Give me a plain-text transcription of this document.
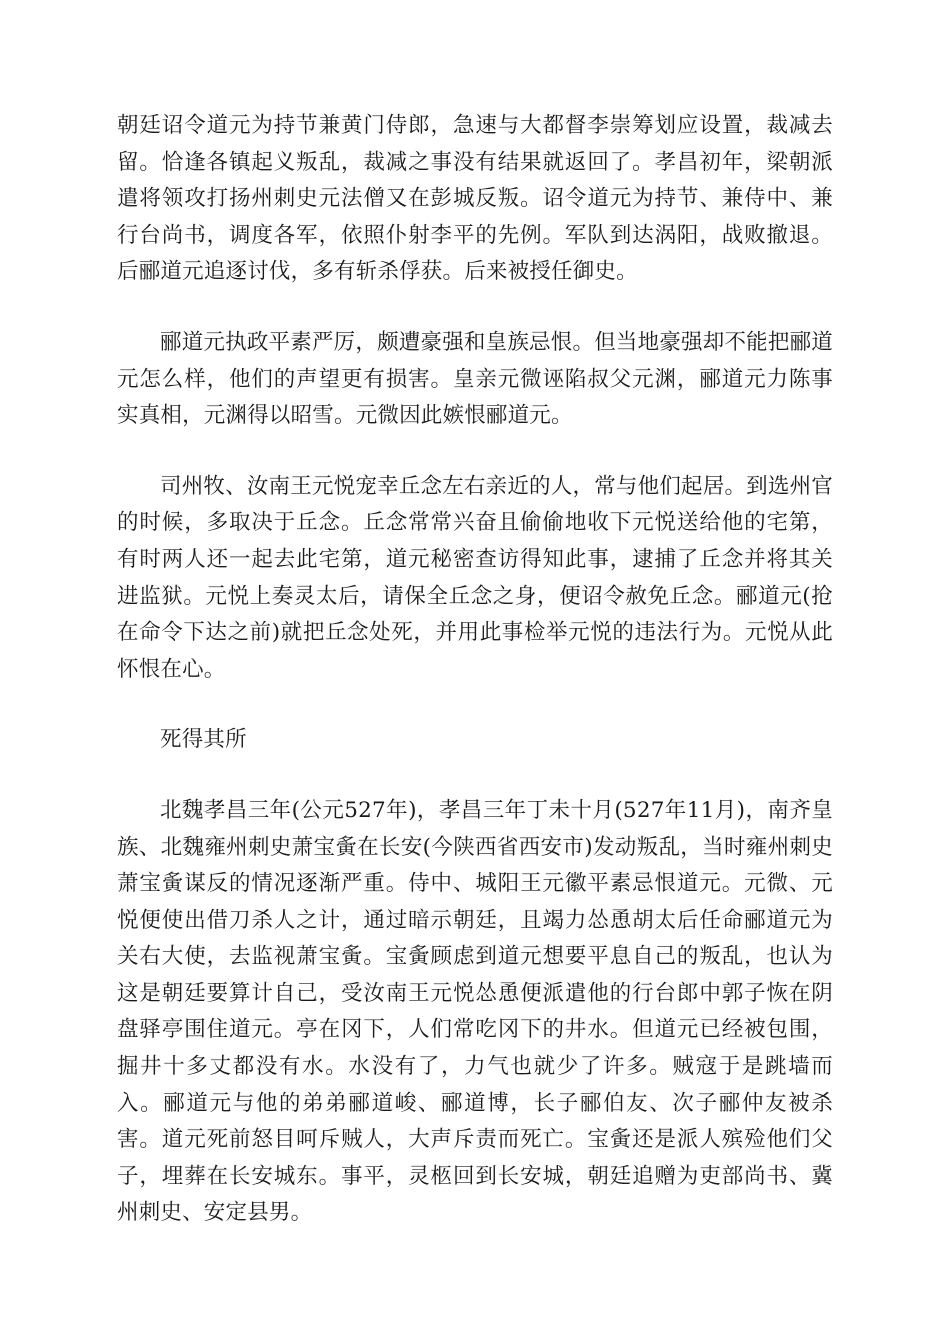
朝廷诏令道元为持节兼黄门侍郎，急速与大都督李崇筹划应设置，裁减去留。恰逢各镇起义叛乱，裁减之事没有结果就返回了。孝昌初年，梁朝派遣将领攻打扬州刺史元法僧又在彭城反叛。诏令道元为持节、兼侍中、兼行台尚书，调度各军，依照仆射李平的先例。军队到达涡阳，战败撤退。后郦道元追逐讨伐，多有斩杀俘获。后来被授任御史。

郦道元执政平素严厉，颇遭豪强和皇族忌恨。但当地豪强却不能把郦道元怎么样，他们的声望更有损害。皇亲元微诬陷叔父元渊，郦道元力陈事实真相，元渊得以昭雪。元微因此嫉恨郦道元。

司州牧、汝南王元悦宠幸丘念左右亲近的人，常与他们起居。到选州官的时候，多取决于丘念。丘念常常兴奋且偷偷地收下元悦送给他的宅第，有时两人还一起去此宅第，道元秘密查访得知此事，逮捕了丘念并将其关进监狱。元悦上奏灵太后，请保全丘念之身，便诏令赦免丘念。郦道元(抢在命令下达之前)就把丘念处死，并用此事检举元悦的违法行为。元悦从此怀恨在心。

死得其所

北魏孝昌三年(公元527年)，孝昌三年丁未十月(527年11月)，南齐皇族、北魏雍州刺史萧宝夤在长安(今陕西省西安市)发动叛乱，当时雍州刺史萧宝夤谋反的情况逐渐严重。侍中、城阳王元徽平素忌恨道元。元微、元悦便使出借刀杀人之计，通过暗示朝廷，且竭力怂恿胡太后任命郦道元为关右大使，去监视萧宝夤。宝夤顾虑到道元想要平息自己的叛乱，也认为这是朝廷要算计自己，受汝南王元悦怂恿便派遣他的行台郎中郭子恢在阴盘驿亭围住道元。亭在冈下，人们常吃冈下的井水。但道元已经被包围，掘井十多丈都没有水。水没有了，力气也就少了许多。贼寇于是跳墙而入。郦道元与他的弟弟郦道峻、郦道博，长子郦伯友、次子郦仲友被杀害。道元死前怒目呵斥贼人，大声斥责而死亡。宝夤还是派人殡殓他们父子，埋葬在长安城东。事平，灵柩回到长安城，朝廷追赠为吏部尚书、冀州刺史、安定县男。
